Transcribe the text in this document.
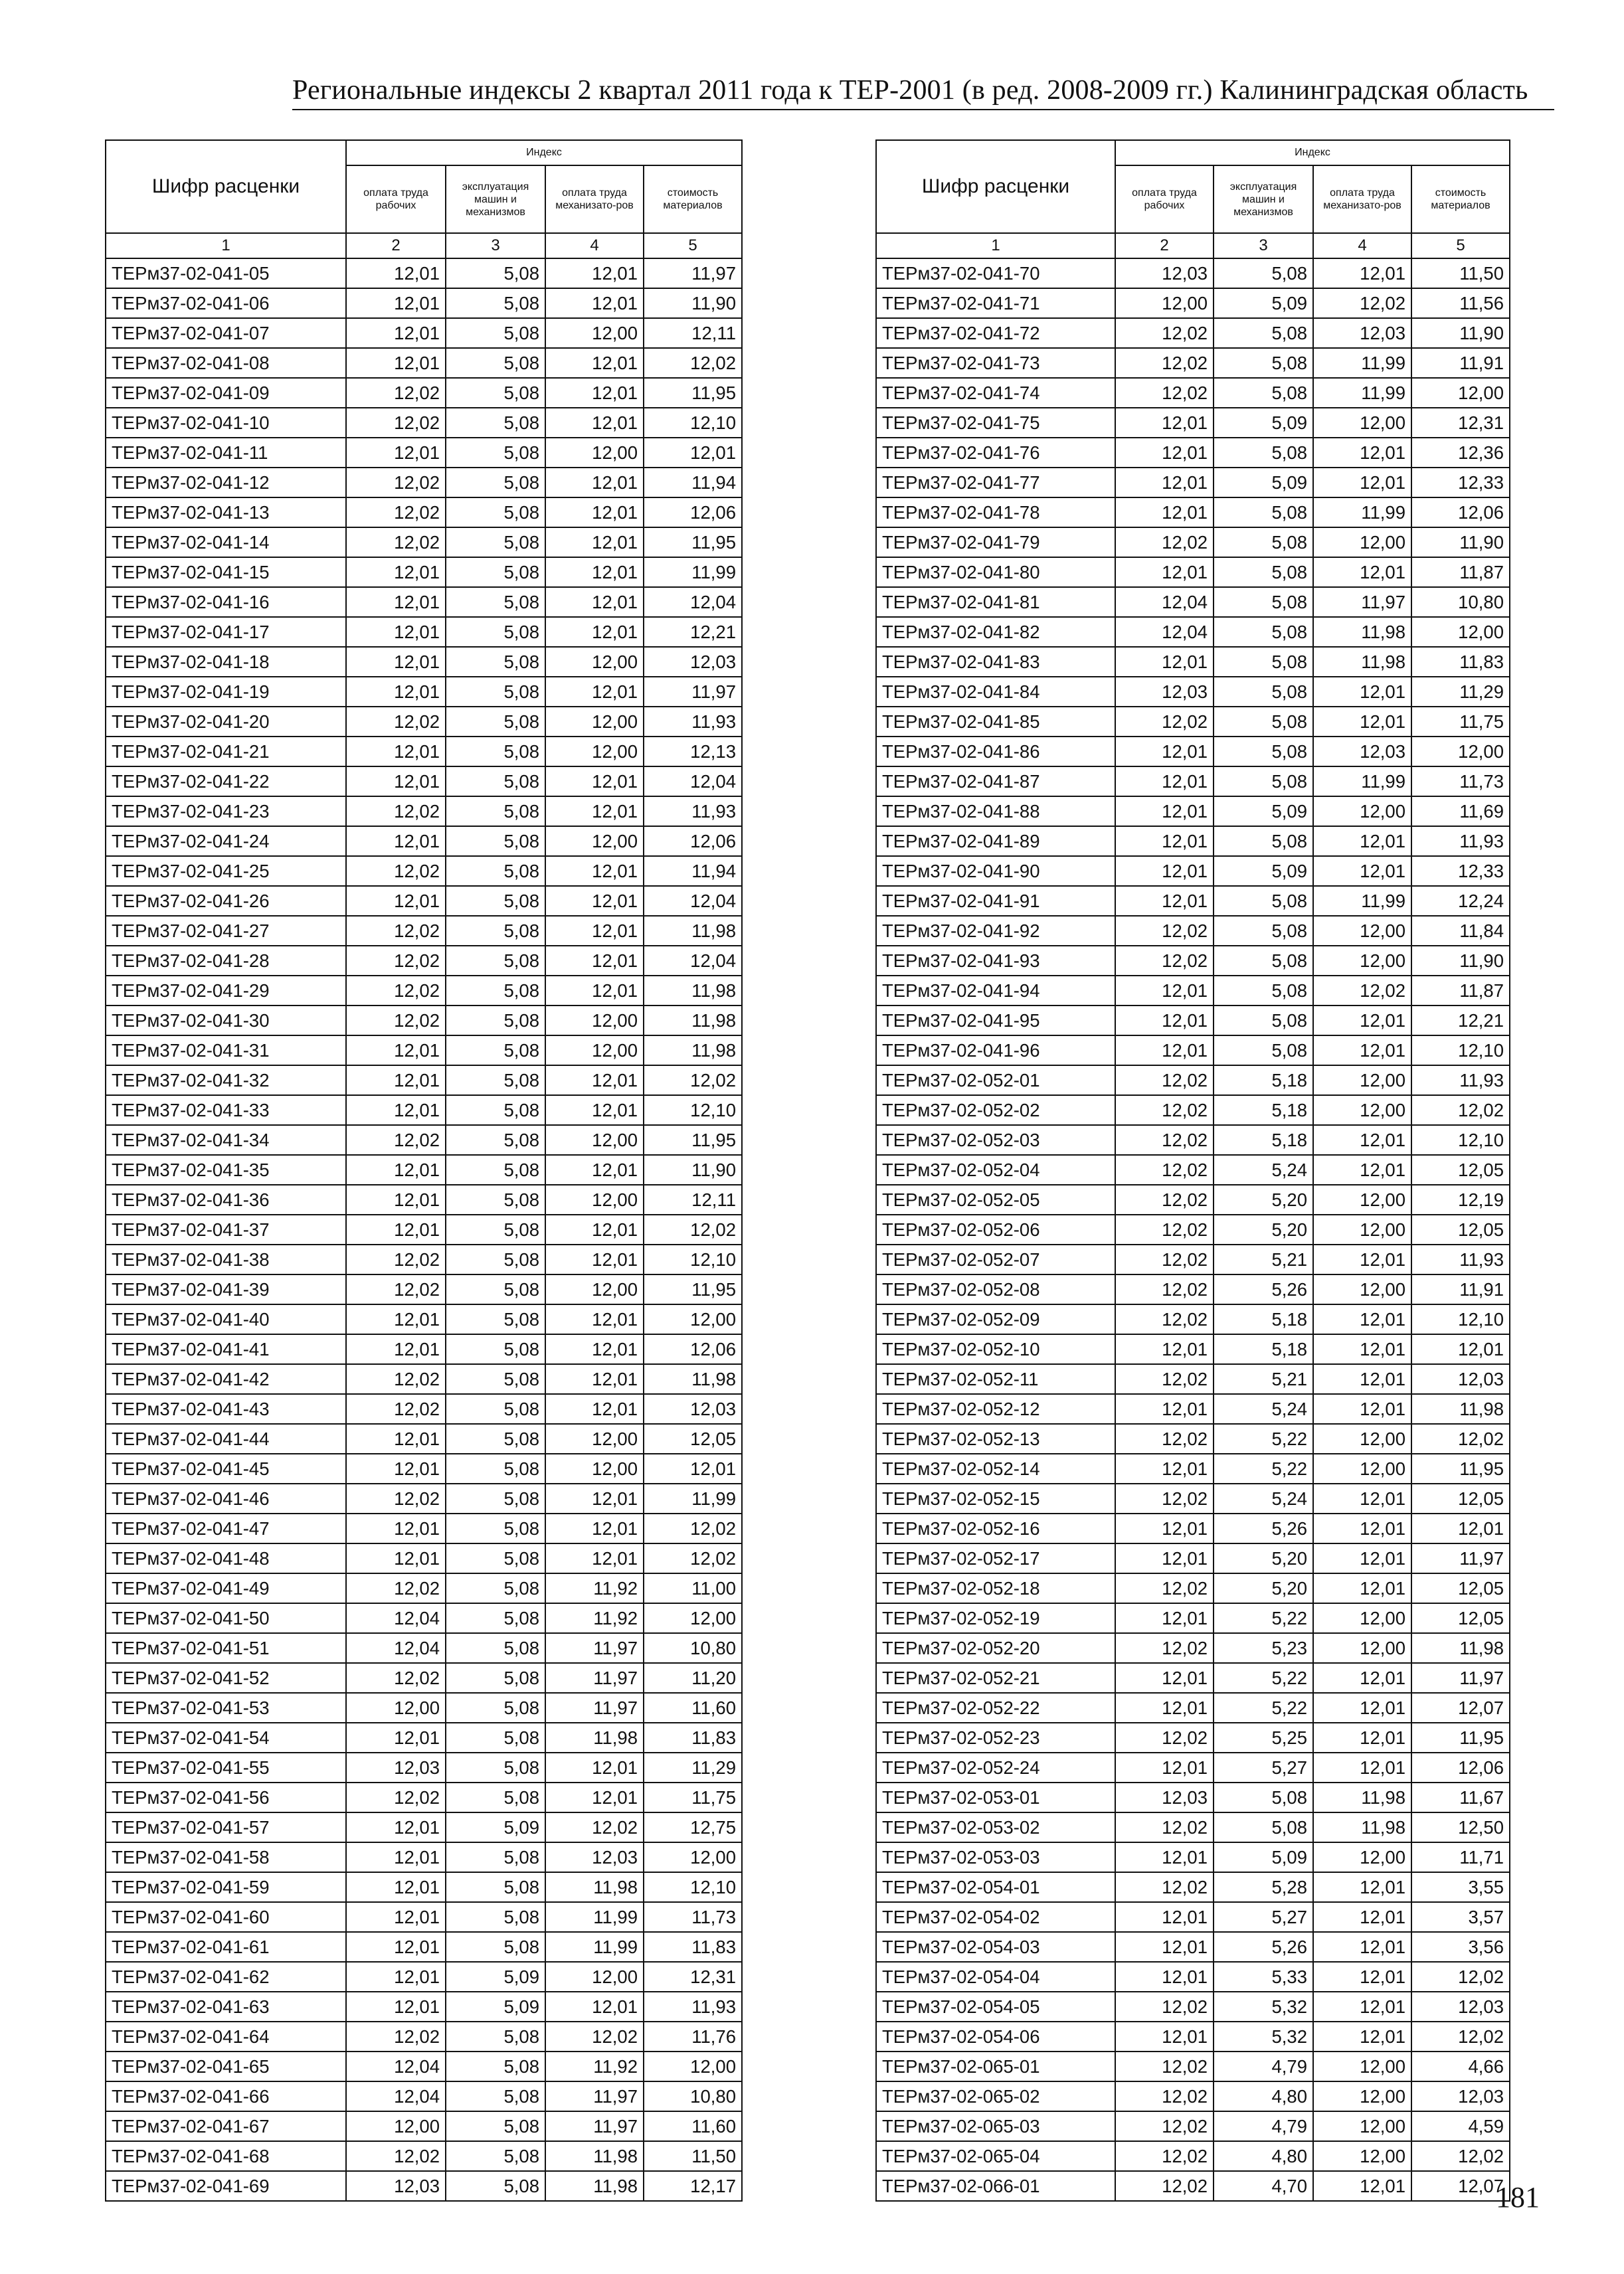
Региональные индексы 2 квартал 2011 года к ТЕР-2001 (в ред. 2008-2009 гг.) Калининградская область
Шифр расценки	Индекс			
	оплата труда рабочих	эксплуатация машин и механизмов	оплата труда механизато-ров	стоимость материалов
1	2	3	4	5
ТЕРм37-02-041-05	12,01	5,08	12,01	11,97
ТЕРм37-02-041-06	12,01	5,08	12,01	11,90
ТЕРм37-02-041-07	12,01	5,08	12,00	12,11
ТЕРм37-02-041-08	12,01	5,08	12,01	12,02
ТЕРм37-02-041-09	12,02	5,08	12,01	11,95
ТЕРм37-02-041-10	12,02	5,08	12,01	12,10
ТЕРм37-02-041-11	12,01	5,08	12,00	12,01
ТЕРм37-02-041-12	12,02	5,08	12,01	11,94
ТЕРм37-02-041-13	12,02	5,08	12,01	12,06
ТЕРм37-02-041-14	12,02	5,08	12,01	11,95
ТЕРм37-02-041-15	12,01	5,08	12,01	11,99
ТЕРм37-02-041-16	12,01	5,08	12,01	12,04
ТЕРм37-02-041-17	12,01	5,08	12,01	12,21
ТЕРм37-02-041-18	12,01	5,08	12,00	12,03
ТЕРм37-02-041-19	12,01	5,08	12,01	11,97
ТЕРм37-02-041-20	12,02	5,08	12,00	11,93
ТЕРм37-02-041-21	12,01	5,08	12,00	12,13
ТЕРм37-02-041-22	12,01	5,08	12,01	12,04
ТЕРм37-02-041-23	12,02	5,08	12,01	11,93
ТЕРм37-02-041-24	12,01	5,08	12,00	12,06
ТЕРм37-02-041-25	12,02	5,08	12,01	11,94
ТЕРм37-02-041-26	12,01	5,08	12,01	12,04
ТЕРм37-02-041-27	12,02	5,08	12,01	11,98
ТЕРм37-02-041-28	12,02	5,08	12,01	12,04
ТЕРм37-02-041-29	12,02	5,08	12,01	11,98
ТЕРм37-02-041-30	12,02	5,08	12,00	11,98
ТЕРм37-02-041-31	12,01	5,08	12,00	11,98
ТЕРм37-02-041-32	12,01	5,08	12,01	12,02
ТЕРм37-02-041-33	12,01	5,08	12,01	12,10
ТЕРм37-02-041-34	12,02	5,08	12,00	11,95
ТЕРм37-02-041-35	12,01	5,08	12,01	11,90
ТЕРм37-02-041-36	12,01	5,08	12,00	12,11
ТЕРм37-02-041-37	12,01	5,08	12,01	12,02
ТЕРм37-02-041-38	12,02	5,08	12,01	12,10
ТЕРм37-02-041-39	12,02	5,08	12,00	11,95
ТЕРм37-02-041-40	12,01	5,08	12,01	12,00
ТЕРм37-02-041-41	12,01	5,08	12,01	12,06
ТЕРм37-02-041-42	12,02	5,08	12,01	11,98
ТЕРм37-02-041-43	12,02	5,08	12,01	12,03
ТЕРм37-02-041-44	12,01	5,08	12,00	12,05
ТЕРм37-02-041-45	12,01	5,08	12,00	12,01
ТЕРм37-02-041-46	12,02	5,08	12,01	11,99
ТЕРм37-02-041-47	12,01	5,08	12,01	12,02
ТЕРм37-02-041-48	12,01	5,08	12,01	12,02
ТЕРм37-02-041-49	12,02	5,08	11,92	11,00
ТЕРм37-02-041-50	12,04	5,08	11,92	12,00
ТЕРм37-02-041-51	12,04	5,08	11,97	10,80
ТЕРм37-02-041-52	12,02	5,08	11,97	11,20
ТЕРм37-02-041-53	12,00	5,08	11,97	11,60
ТЕРм37-02-041-54	12,01	5,08	11,98	11,83
ТЕРм37-02-041-55	12,03	5,08	12,01	11,29
ТЕРм37-02-041-56	12,02	5,08	12,01	11,75
ТЕРм37-02-041-57	12,01	5,09	12,02	12,75
ТЕРм37-02-041-58	12,01	5,08	12,03	12,00
ТЕРм37-02-041-59	12,01	5,08	11,98	12,10
ТЕРм37-02-041-60	12,01	5,08	11,99	11,73
ТЕРм37-02-041-61	12,01	5,08	11,99	11,83
ТЕРм37-02-041-62	12,01	5,09	12,00	12,31
ТЕРм37-02-041-63	12,01	5,09	12,01	11,93
ТЕРм37-02-041-64	12,02	5,08	12,02	11,76
ТЕРм37-02-041-65	12,04	5,08	11,92	12,00
ТЕРм37-02-041-66	12,04	5,08	11,97	10,80
ТЕРм37-02-041-67	12,00	5,08	11,97	11,60
ТЕРм37-02-041-68	12,02	5,08	11,98	11,50
ТЕРм37-02-041-69	12,03	5,08	11,98	12,17
Шифр расценки	Индекс			
	оплата труда рабочих	эксплуатация машин и механизмов	оплата труда механизато-ров	стоимость материалов
1	2	3	4	5
ТЕРм37-02-041-70	12,03	5,08	12,01	11,50
ТЕРм37-02-041-71	12,00	5,09	12,02	11,56
ТЕРм37-02-041-72	12,02	5,08	12,03	11,90
ТЕРм37-02-041-73	12,02	5,08	11,99	11,91
ТЕРм37-02-041-74	12,02	5,08	11,99	12,00
ТЕРм37-02-041-75	12,01	5,09	12,00	12,31
ТЕРм37-02-041-76	12,01	5,08	12,01	12,36
ТЕРм37-02-041-77	12,01	5,09	12,01	12,33
ТЕРм37-02-041-78	12,01	5,08	11,99	12,06
ТЕРм37-02-041-79	12,02	5,08	12,00	11,90
ТЕРм37-02-041-80	12,01	5,08	12,01	11,87
ТЕРм37-02-041-81	12,04	5,08	11,97	10,80
ТЕРм37-02-041-82	12,04	5,08	11,98	12,00
ТЕРм37-02-041-83	12,01	5,08	11,98	11,83
ТЕРм37-02-041-84	12,03	5,08	12,01	11,29
ТЕРм37-02-041-85	12,02	5,08	12,01	11,75
ТЕРм37-02-041-86	12,01	5,08	12,03	12,00
ТЕРм37-02-041-87	12,01	5,08	11,99	11,73
ТЕРм37-02-041-88	12,01	5,09	12,00	11,69
ТЕРм37-02-041-89	12,01	5,08	12,01	11,93
ТЕРм37-02-041-90	12,01	5,09	12,01	12,33
ТЕРм37-02-041-91	12,01	5,08	11,99	12,24
ТЕРм37-02-041-92	12,02	5,08	12,00	11,84
ТЕРм37-02-041-93	12,02	5,08	12,00	11,90
ТЕРм37-02-041-94	12,01	5,08	12,02	11,87
ТЕРм37-02-041-95	12,01	5,08	12,01	12,21
ТЕРм37-02-041-96	12,01	5,08	12,01	12,10
ТЕРм37-02-052-01	12,02	5,18	12,00	11,93
ТЕРм37-02-052-02	12,02	5,18	12,00	12,02
ТЕРм37-02-052-03	12,02	5,18	12,01	12,10
ТЕРм37-02-052-04	12,02	5,24	12,01	12,05
ТЕРм37-02-052-05	12,02	5,20	12,00	12,19
ТЕРм37-02-052-06	12,02	5,20	12,00	12,05
ТЕРм37-02-052-07	12,02	5,21	12,01	11,93
ТЕРм37-02-052-08	12,02	5,26	12,00	11,91
ТЕРм37-02-052-09	12,02	5,18	12,01	12,10
ТЕРм37-02-052-10	12,01	5,18	12,01	12,01
ТЕРм37-02-052-11	12,02	5,21	12,01	12,03
ТЕРм37-02-052-12	12,01	5,24	12,01	11,98
ТЕРм37-02-052-13	12,02	5,22	12,00	12,02
ТЕРм37-02-052-14	12,01	5,22	12,00	11,95
ТЕРм37-02-052-15	12,02	5,24	12,01	12,05
ТЕРм37-02-052-16	12,01	5,26	12,01	12,01
ТЕРм37-02-052-17	12,01	5,20	12,01	11,97
ТЕРм37-02-052-18	12,02	5,20	12,01	12,05
ТЕРм37-02-052-19	12,01	5,22	12,00	12,05
ТЕРм37-02-052-20	12,02	5,23	12,00	11,98
ТЕРм37-02-052-21	12,01	5,22	12,01	11,97
ТЕРм37-02-052-22	12,01	5,22	12,01	12,07
ТЕРм37-02-052-23	12,02	5,25	12,01	11,95
ТЕРм37-02-052-24	12,01	5,27	12,01	12,06
ТЕРм37-02-053-01	12,03	5,08	11,98	11,67
ТЕРм37-02-053-02	12,02	5,08	11,98	12,50
ТЕРм37-02-053-03	12,01	5,09	12,00	11,71
ТЕРм37-02-054-01	12,02	5,28	12,01	3,55
ТЕРм37-02-054-02	12,01	5,27	12,01	3,57
ТЕРм37-02-054-03	12,01	5,26	12,01	3,56
ТЕРм37-02-054-04	12,01	5,33	12,01	12,02
ТЕРм37-02-054-05	12,02	5,32	12,01	12,03
ТЕРм37-02-054-06	12,01	5,32	12,01	12,02
ТЕРм37-02-065-01	12,02	4,79	12,00	4,66
ТЕРм37-02-065-02	12,02	4,80	12,00	12,03
ТЕРм37-02-065-03	12,02	4,79	12,00	4,59
ТЕРм37-02-065-04	12,02	4,80	12,00	12,02
ТЕРм37-02-066-01	12,02	4,70	12,01	12,07
181
